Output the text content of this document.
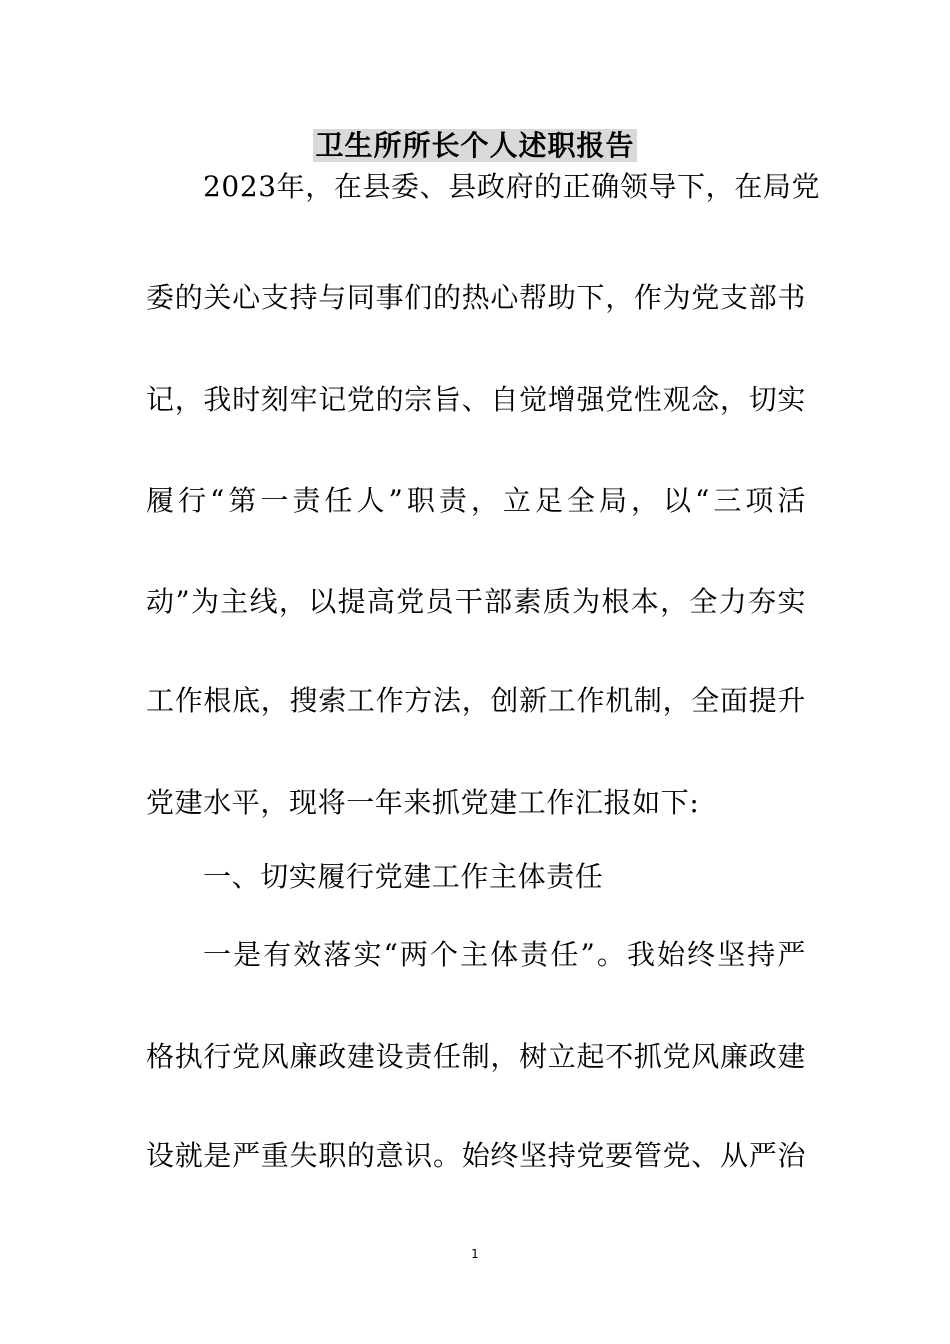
卫生所所长个人述职报告
2023年，在县委、县政府的正确领导下，在局党
委的关心支持与同事们的热心帮助下，作为党支部书
记，我时刻牢记党的宗旨、自觉增强党性观念，切实
履行“第一责任人”职责，立足全局，以“三项活
动”为主线，以提高党员干部素质为根本，全力夯实
工作根底，搜索工作方法，创新工作机制，全面提升
党建水平，现将一年来抓党建工作汇报如下:
一、切实履行党建工作主体责任
一是有效落实“两个主体责任”。我始终坚持严
格执行党风廉政建设责任制，树立起不抓党风廉政建
设就是严重失职的意识。始终坚持党要管党、从严治
1
